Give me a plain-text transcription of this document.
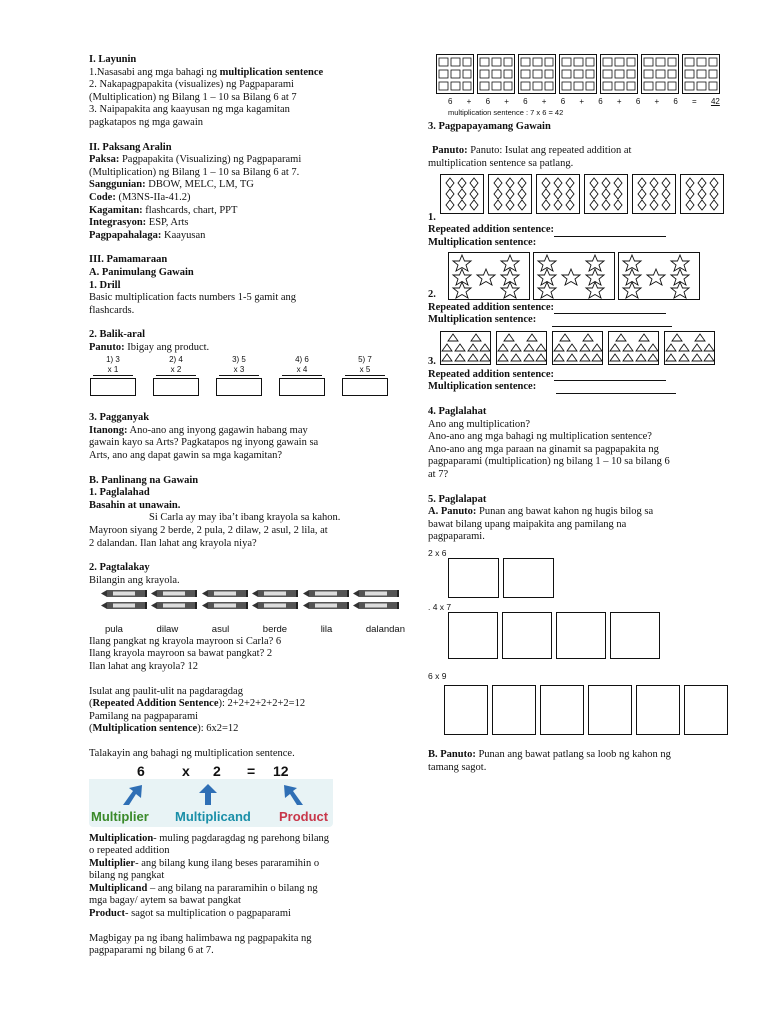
I. Layunin

1.Nasasabi ang mga bahagi ng multiplication sentence

2. Nakapagpapakita (visualizes) ng Pagpaparami

(Multiplication) ng Bilang 1 – 10 sa Bilang 6 at 7

3. Naipapakita ang kaayusan ng mga kagamitan

pagkatapos ng mga gawain

II. Paksang Aralin

Paksa: Pagpapakita (Visualizing) ng Pagpaparami

(Multiplication) ng Bilang 1 – 10 sa Bilang 6 at 7.

Sanggunian: DBOW, MELC, LM, TG

Code: (M3NS-IIa-41.2)

Kagamitan: flashcards, chart, PPT

Integrasyon: ESP, Arts

Pagpapahalaga: Kaayusan

III. Pamamaraan

A. Panimulang Gawain

1. Drill

Basic multiplication facts numbers 1-5 gamit ang

flashcards.

2. Balik-aral

Panuto: Ibigay ang product.

1) 3
x 1
2) 4
x 2
3) 5
x 3
4) 6
x 4
5) 7
x 5

3. Pagganyak

Itanong: Ano-ano ang inyong gagawin habang may

gawain kayo sa Arts? Pagkatapos ng inyong gawain sa

Arts, ano ang dapat gawin sa mga kagamitan?

B. Panlinang na Gawain

1. Paglalahad

Basahin at unawain.

Si Carla ay may iba’t ibang krayola sa kahon.

Mayroon siyang 2 berde, 2 pula, 2 dilaw, 2 asul, 2 lila, at

2 dalandan. Ilan lahat ang krayola niya?

2. Pagtalakay

Bilangin ang krayola.

pula	dilaw	asul	berde	lila	dalandan

Ilang pangkat ng krayola mayroon si Carla? 6

Ilang krayola mayroon sa bawat pangkat? 2

Ilan lahat ang krayola? 12

Isulat ang paulit-ulit na pagdaragdag

(Repeated Addition Sentence): 2+2+2+2+2+2=12

Pamilang na pagpaparami

(Multiplication sentence): 6x2=12

Talakayin ang bahagi ng multiplication sentence.

6	x 2 = 12
Multiplier Multiplicand Product

Multiplication- muling pagdaragdag ng parehong bilang

o repeated addition

Multiplier- ang bilang kung ilang beses pararamihin o

bilang ng pangkat

Multiplicand – ang bilang na pararamihin o bilang ng

mga bagay/ aytem sa bawat pangkat

Product- sagot sa multiplication o pagpaparami

Magbigay pa ng ibang halimbawa ng pagpapakita ng

pagpaparami ng bilang 6 at 7.

6 + 6 + 6 + 6 + 6 + 6 + 6 = 42

multiplication sentence : 7 x 6 = 42

3. Pagpapayamang Gawain

Panuto: Panuto: Isulat ang repeated addition at

multiplication sentence sa patlang.

1.

Repeated addition sentence:

Multiplication sentence:

2.

Repeated addition sentence:

Multiplication sentence:

3.

Repeated addition sentence:

Multiplication sentence:

4. Paglalahat

Ano ang multiplication?

Ano-ano ang mga bahagi ng multiplication sentence?

Ano-ano ang mga paraan na ginamit sa pagpapakita ng

pagpaparami (multiplication) ng bilang 1 – 10 sa bilang 6

at 7?

5. Paglalapat

A. Panuto: Punan ang bawat kahon ng hugis bilog sa

bawat bilang upang maipakita ang pamilang na

pagpaparami.

2 x 6

. 4 x 7

6 x 9

B. Panuto: Punan ang bawat patlang sa loob ng kahon ng

tamang sagot.
